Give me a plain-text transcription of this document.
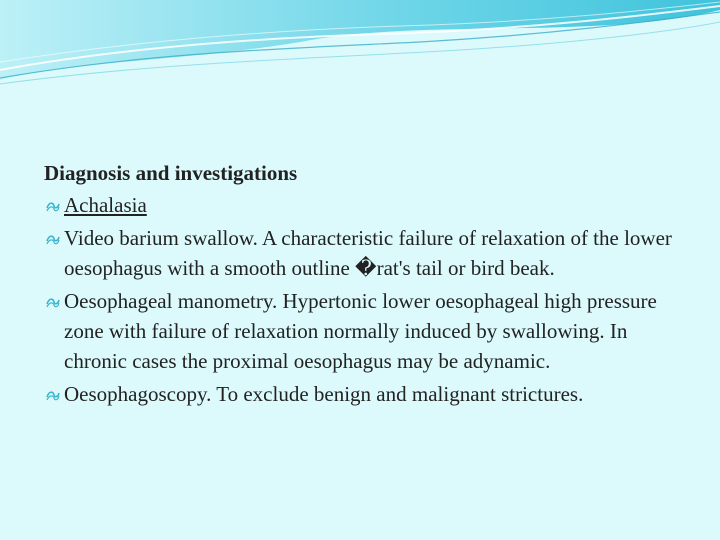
Diagnosis and investigations

Achalasia
Video barium swallow. A characteristic failure of relaxation of the lower oesophagus with a smooth outline �rat's tail or bird beak.
Oesophageal manometry. Hypertonic lower oesophageal high pressure zone with failure of relaxation normally induced by swallowing. In chronic cases the proximal oesophagus may be adynamic.
Oesophagoscopy. To exclude benign and malignant strictures.
